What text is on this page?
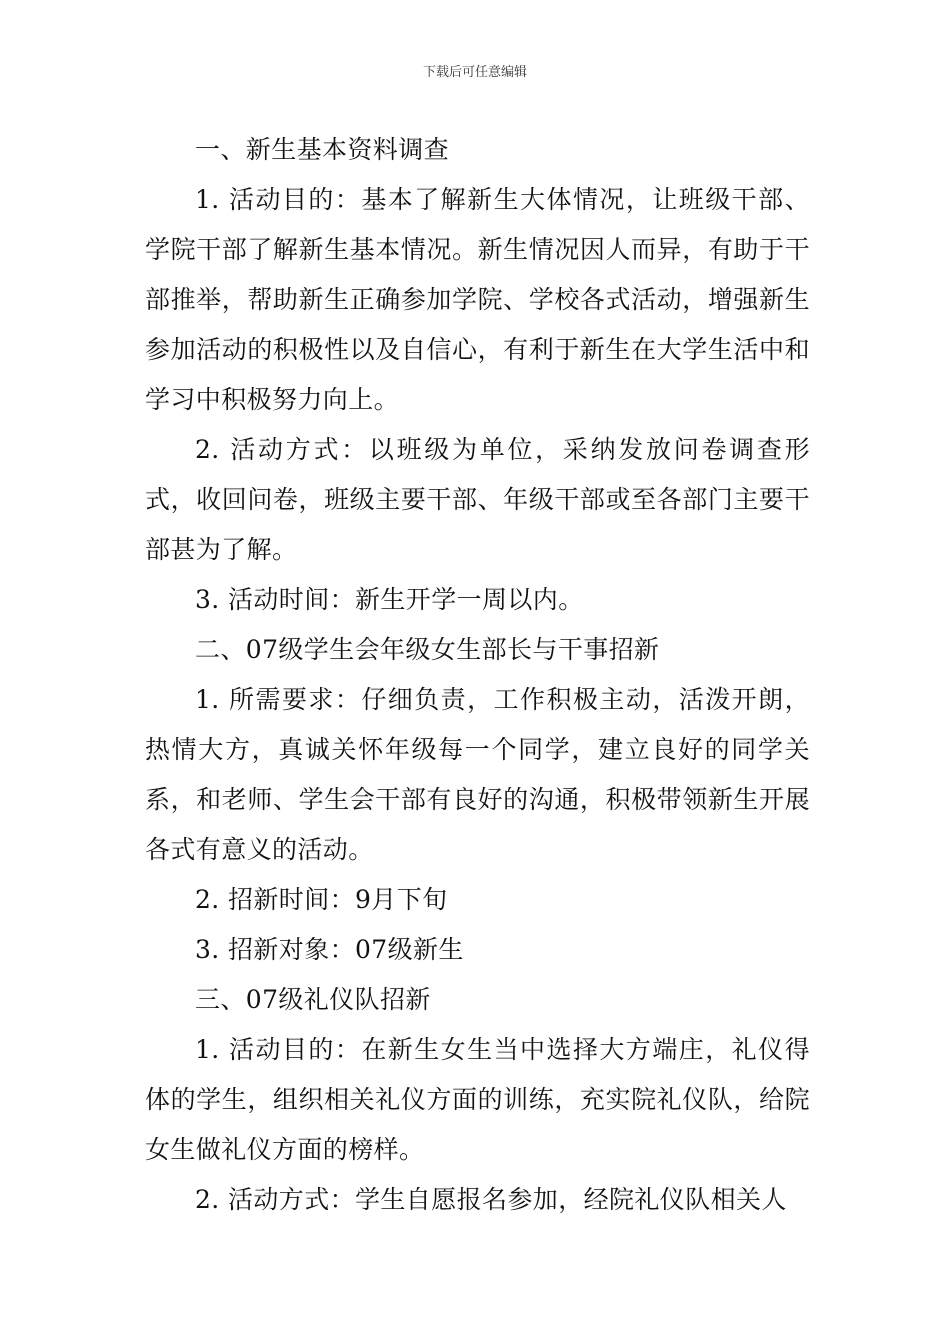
下载后可任意编辑

一、新生基本资料调查

1. 活动目的：基本了解新生大体情况，让班级干部、学院干部了解新生基本情况。新生情况因人而异，有助于干部推举，帮助新生正确参加学院、学校各式活动，增强新生参加活动的积极性以及自信心，有利于新生在大学生活中和学习中积极努力向上。

2. 活动方式：以班级为单位，采纳发放问卷调查形式，收回问卷，班级主要干部、年级干部或至各部门主要干部甚为了解。

3. 活动时间：新生开学一周以内。

二、07级学生会年级女生部长与干事招新

1. 所需要求：仔细负责，工作积极主动，活泼开朗，热情大方，真诚关怀年级每一个同学，建立良好的同学关系，和老师、学生会干部有良好的沟通，积极带领新生开展各式有意义的活动。

2. 招新时间：9月下旬

3. 招新对象：07级新生

三、07级礼仪队招新

1. 活动目的：在新生女生当中选择大方端庄，礼仪得体的学生，组织相关礼仪方面的训练，充实院礼仪队，给院女生做礼仪方面的榜样。

2. 活动方式：学生自愿报名参加，经院礼仪队相关人
